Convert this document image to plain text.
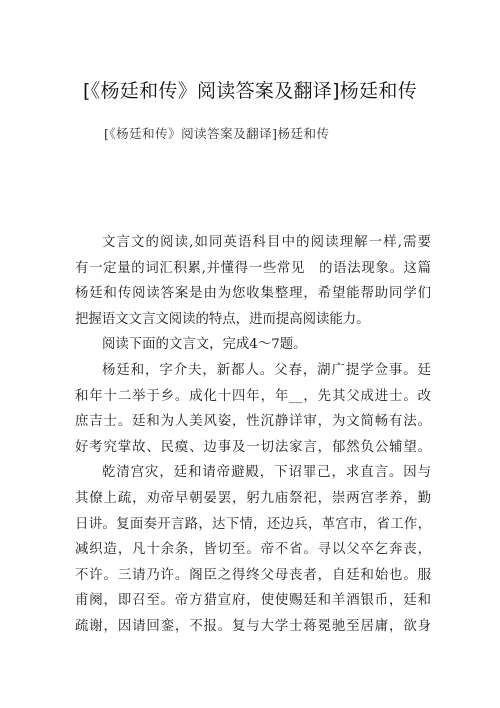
[《杨廷和传》阅读答案及翻译]杨廷和传
[《杨廷和传》阅读答案及翻译]杨廷和传
文言文的阅读,如同英语科目中的阅读理解一样,需要
有一定量的词汇积累,并懂得一些常见　的语法现象。这篇
杨廷和传阅读答案是由为您收集整理，希望能帮助同学们
把握语文文言文阅读的特点，进而提高阅读能力。
阅读下面的文言文，完成4～7题。
杨廷和，字介夫，新都人。父春，湖广提学佥事。廷
和年十二举于乡。成化十四年，年__，先其父成进士。改
庶吉士。廷和为人美风姿，性沉静详审，为文简畅有法。
好考究掌故、民瘼、边事及一切法家言，郁然负公辅望。
乾清宫灾，廷和请帝避殿，下诏罪己，求直言。因与
其僚上疏，劝帝早朝晏罢，躬九庙祭祀，崇两宫孝养，勤
日讲。复面奏开言路，达下情，还边兵，革宫市，省工作，
减织造，凡十余条，皆切至。帝不省。寻以父卒乞奔丧，
不许。三请乃许。阁臣之得终父母丧者，自廷和始也。服
甫阕，即召至。帝方猎宣府，使使赐廷和羊酒银币，廷和
疏谢，因请回銮，不报。复与大学士蒋冕驰至居庸，欲身
